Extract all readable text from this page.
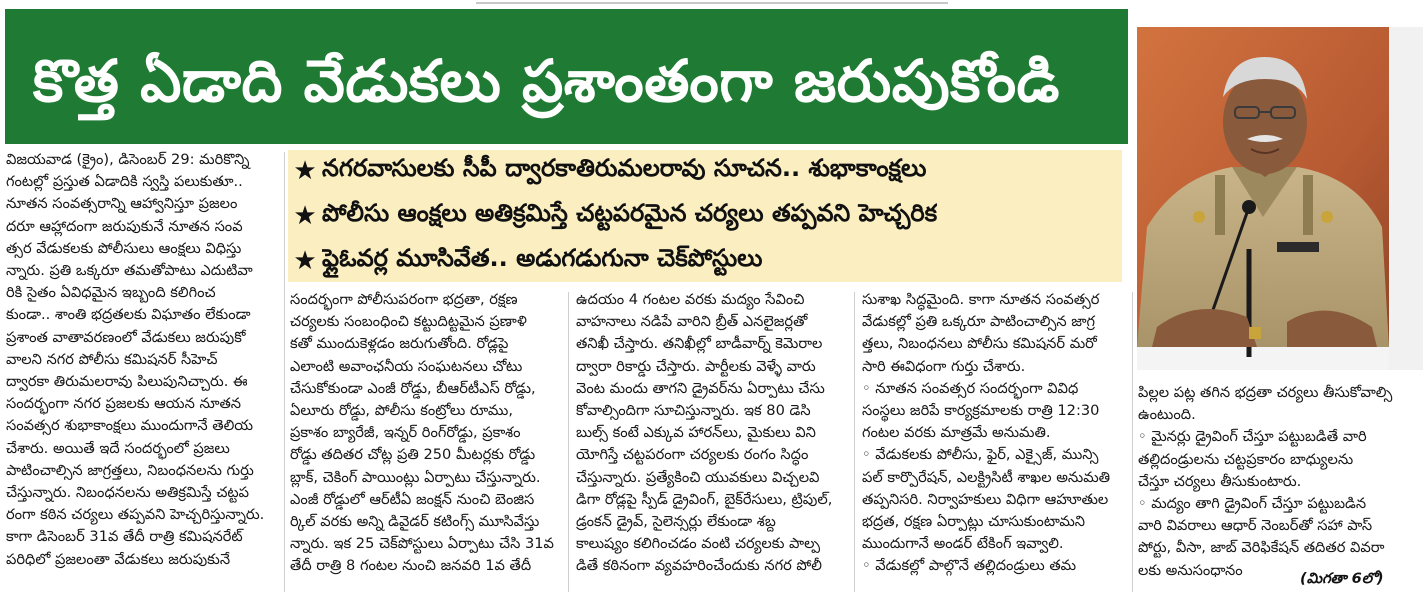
కొత్త ఏడాది వేడుకలు ప్రశాంతంగా జరుపుకోండి
★ నగరవాసులకు సీపీ ద్వారకాతిరుమలరావు సూచన.. శుభాకాంక్షలు
★ పోలీసు ఆంక్షలు అతిక్రమిస్తే చట్టపరమైన చర్యలు తప్పవని హెచ్చరిక
★ ఫ్లైఓవర్ల మూసివేత.. అడుగడుగునా చెక్‌పోస్టులు

విజయవాడ (క్రైం), డిసెంబర్ 29: మరికొన్ని

గంటల్లో ప్రస్తుత ఏడాదికి స్వస్తి పలుకుతూ..

నూతన సంవత్సరాన్ని ఆహ్వానిస్తూ ప్రజలం

దరూ ఆహ్లాదంగా జరుపుకునే నూతన సంవ

త్సర వేడుకలకు పోలీసులు ఆంక్షలు విధిస్తు

న్నారు. ప్రతి ఒక్కరూ తమతోపాటు ఎదుటివా

రికి సైతం ఏవిధమైన ఇబ్బంది కలిగించ

కుండా.. శాంతి భద్రతలకు విఘాతం లేకుండా

ప్రశాంత వాతావరణంలో వేడుకలు జరుపుకో

వాలని నగర పోలీసు కమిషనర్ సీహెచ్

ద్వారకా తిరుమలరావు పిలుపునిచ్చారు. ఈ

సందర్భంగా నగర ప్రజలకు ఆయన నూతన

సంవత్సర శుభాకాంక్షలు ముందుగానే తెలియ

చేశారు. అయితే ఇదే సందర్భంలో ప్రజలు

పాటించాల్సిన జాగ్రత్తలు, నిబంధనలను గుర్తు

చేస్తున్నారు. నిబంధనలను అతిక్రమిస్తే చట్టప

రంగా కఠిన చర్యలు తప్పవని హెచ్చరిస్తున్నారు.

కాగా డిసెంబర్ 31వ తేదీ రాత్రి కమిషనరేట్

పరిధిలో ప్రజలంతా వేడుకలు జరుపుకునే

సందర్భంగా పోలీసుపరంగా భద్రతా, రక్షణ

చర్యలకు సంబంధించి కట్టుదిట్టమైన ప్రణాళి

కతో ముందుకెళ్లడం జరుగుతోంది. రోడ్లపై

ఎలాంటి అవాంఛనీయ సంఘటనలు చోటు

చేసుకోకుండా ఎంజీ రోడ్డు, బీఆర్‌టీఎస్ రోడ్డు,

ఏలూరు రోడ్డు, పోలీసు కంట్రోలు రూము,

ప్రకాశం బ్యారేజీ, ఇన్నర్ రింగ్‌రోడ్డు, ప్రకాశం

రోడ్డు తదితర చోట్ల ప్రతి 250 మీటర్లకు రోడ్డు

బ్లాక్, చెకింగ్ పాయింట్లు ఏర్పాటు చేస్తున్నారు.

ఎంజీ రోడ్డులో ఆర్‌టీఏ జంక్షన్ నుంచి బెంజిస

ర్కిల్ వరకు అన్ని డివైడర్ కటింగ్స్ మూసివేస్తు

న్నారు. ఇక 25 చెక్‌పోస్టులు ఏర్పాటు చేసి 31వ

తేదీ రాత్రి 8 గంటల నుంచి జనవరి 1వ తేదీ

ఉదయం 4 గంటల వరకు మద్యం సేవించి

వాహనాలు నడిపే వారిని బ్రీత్ ఎనలైజర్లతో

తనిఖీ చేస్తారు. తనిఖీల్లో బాడీవార్న్ కెమెరాల

ద్వారా రికార్డు చేస్తారు. పార్టీలకు వెళ్ళే వారు

వెంట మందు తాగని డ్రైవర్‌ను ఏర్పాటు చేసు

కోవాల్సిందిగా సూచిస్తున్నారు. ఇక 80 డెసి

బుల్స్ కంటే ఎక్కువ హారన్‌లు, మైకులు విని

యోగిస్తే చట్టపరంగా చర్యలకు రంగం సిద్ధం

చేస్తున్నారు. ప్రత్యేకించి యువకులు విచ్చలవి

డిగా రోడ్లపై స్పీడ్ డ్రైవింగ్, బైక్‌రేసులు, ట్రిపుల్,

డ్రంకన్ డ్రైవ్, సైలెన్సర్లు లేకుండా శబ్ద

కాలుష్యం కలిగించడం వంటి చర్యలకు పాల్ప

డితే కఠినంగా వ్యవహరించేందుకు నగర పోలీ

సుశాఖ సిద్ధమైంది. కాగా నూతన సంవత్సర

వేడుకల్లో ప్రతి ఒక్కరూ పాటించాల్సిన జాగ్ర

త్తలు, నిబంధనలు పోలీసు కమిషనర్ మరో

సారి ఈవిధంగా గుర్తు చేశారు.

◦ నూతన సంవత్సర సందర్భంగా వివిధ

సంస్థలు జరిపే కార్యక్రమాలకు రాత్రి 12:30

గంటల వరకు మాత్రమే అనుమతి.

◦ వేడుకలకు పోలీసు, ఫైర్, ఎక్సైజ్, మున్సి

పల్ కార్పొరేషన్, ఎలక్ట్రిసిటీ శాఖల అనుమతి

తప్పనిసరి. నిర్వాహకులు విధిగా ఆహూతుల

భద్రత, రక్షణ ఏర్పాట్లు చూసుకుంటామని

ముందుగానే అండర్ టేకింగ్ ఇవ్వాలి.

◦ వేడుకల్లో పాల్గొనే తల్లిదండ్రులు తమ

పిల్లల పట్ల తగిన భద్రతా చర్యలు తీసుకోవాల్సి

ఉంటుంది.

◦ మైనర్లు డ్రైవింగ్ చేస్తూ పట్టుబడితే వారి

తల్లిదండ్రులను చట్టప్రకారం బాధ్యులను

చేస్తూ చర్యలు తీసుకుంటారు.

◦ మద్యం తాగి డ్రైవింగ్ చేస్తూ పట్టుబడిన

వారి వివరాలు ఆధార్ నెంబర్‌తో సహా పాస్

పోర్టు, వీసా, జాబ్ వెరిఫికేషన్ తదితర వివరా

లకు అనుసంధానం	(మిగతా 6లో)
